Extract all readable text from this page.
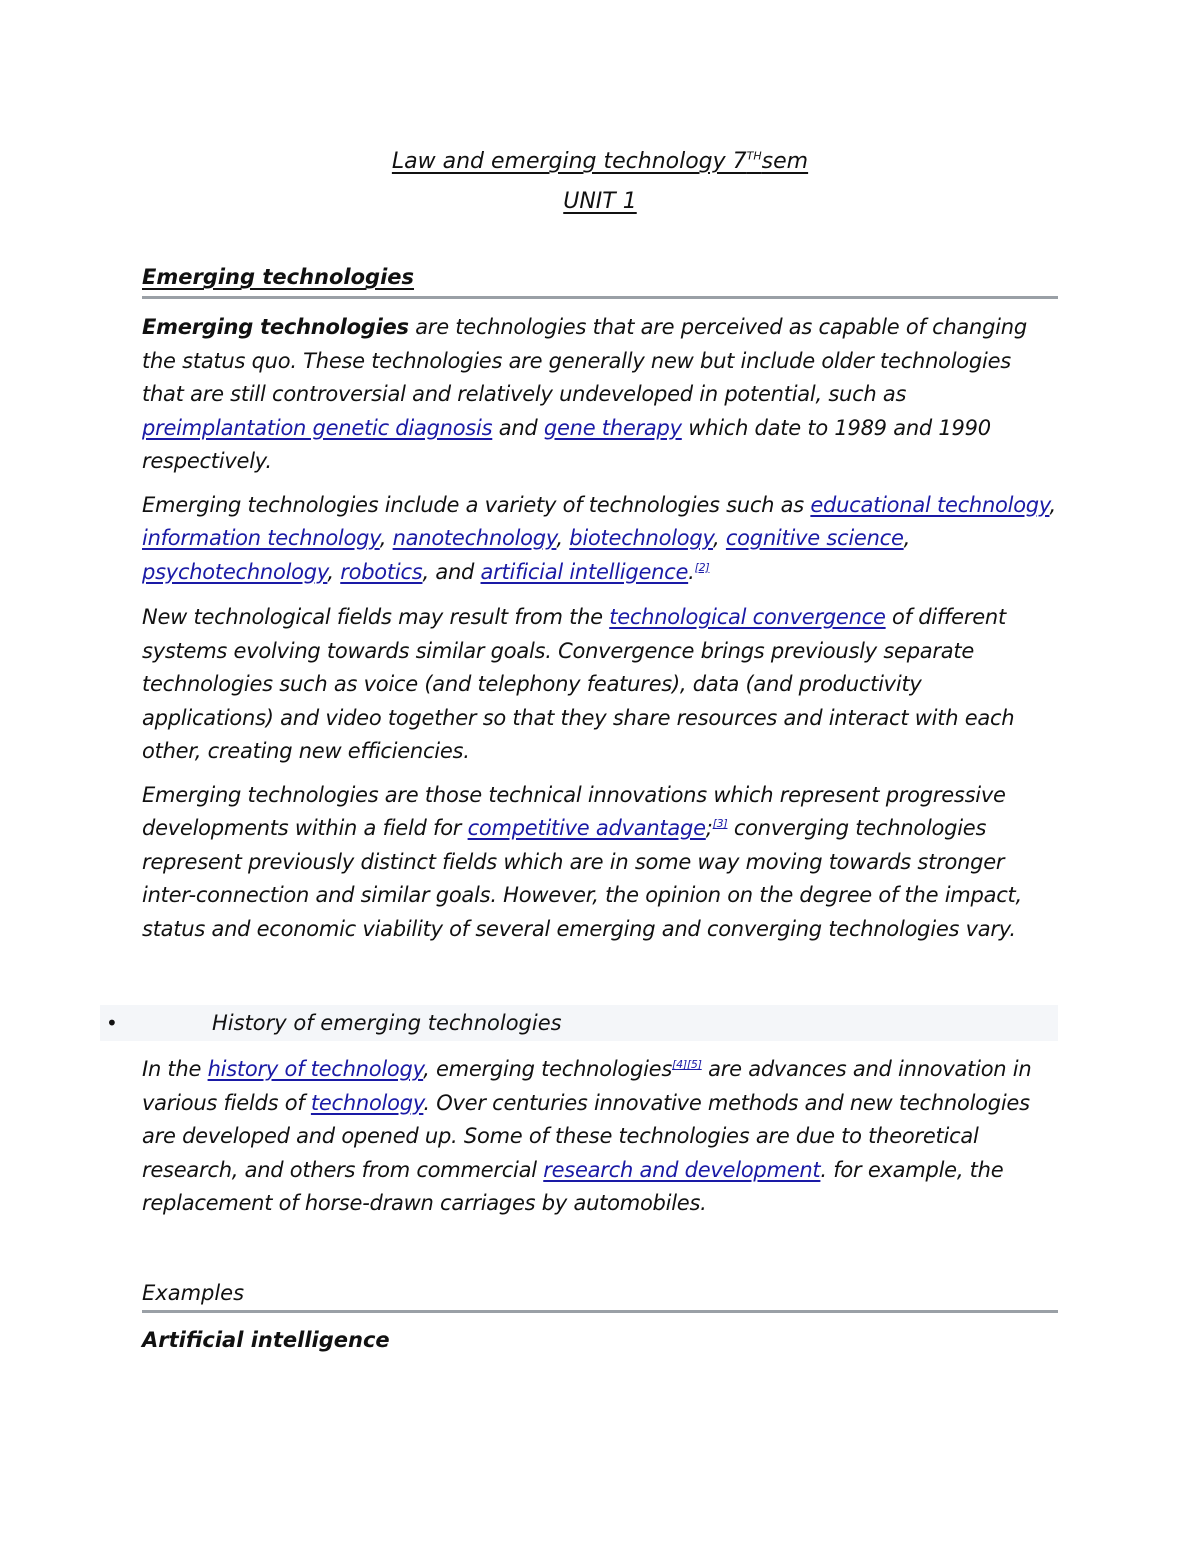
Law and emerging technology 7THsem
UNIT 1
Emerging technologies

Emerging technologies are technologies that are perceived as capable of changing the status quo. These technologies are generally new but include older technologies that are still controversial and relatively undeveloped in potential, such as preimplantation genetic diagnosis and gene therapy which date to 1989 and 1990 respectively.

Emerging technologies include a variety of technologies such as educational technology, information technology, nanotechnology, biotechnology, cognitive science, psychotechnology, robotics, and artificial intelligence.[2]

New technological fields may result from the technological convergence of different systems evolving towards similar goals. Convergence brings previously separate technologies such as voice (and telephony features), data (and productivity applications) and video together so that they share resources and interact with each other, creating new efficiencies.

Emerging technologies are those technical innovations which represent progressive developments within a field for competitive advantage;[3] converging technologies represent previously distinct fields which are in some way moving towards stronger inter-connection and similar goals. However, the opinion on the degree of the impact, status and economic viability of several emerging and converging technologies vary.

•	History of emerging technologies

In the history of technology, emerging technologies[4][5] are advances and innovation in various fields of technology. Over centuries innovative methods and new technologies are developed and opened up. Some of these technologies are due to theoretical research, and others from commercial research and development. for example, the replacement of horse-drawn carriages by automobiles.

Examples
Artificial intelligence
